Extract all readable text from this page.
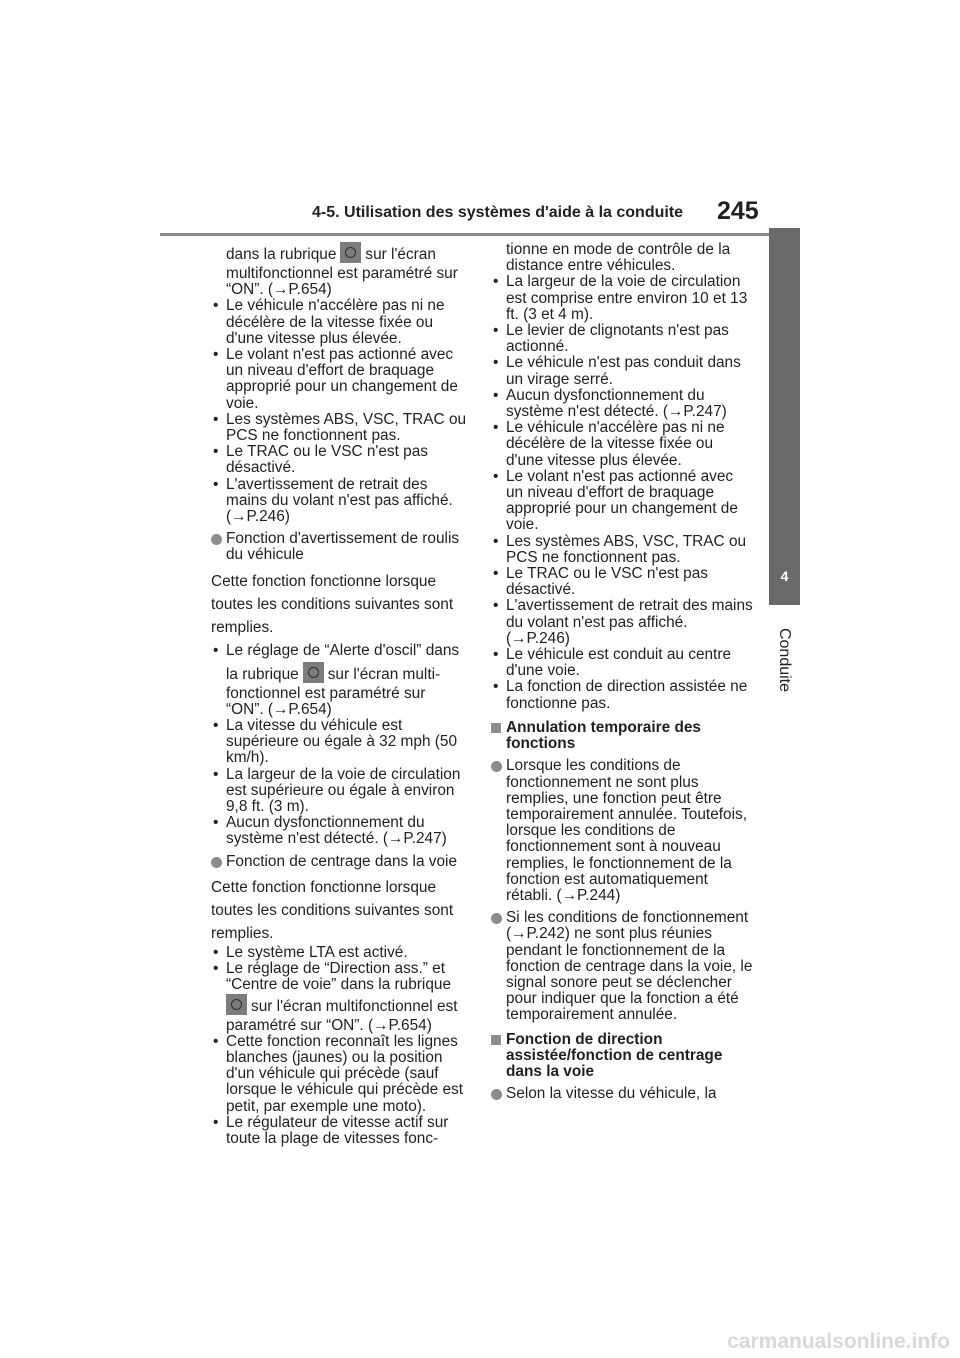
4-5. Utilisation des systèmes d'aide à la conduite 245
4
Conduite
dans la rubrique sur l'écran
multifonctionnel est paramétré sur
“ON”. (→P.654)
• Le véhicule n'accélère pas ni ne décélère de la vitesse fixée ou d'une vitesse plus élevée.
• Le volant n'est pas actionné avec un niveau d'effort de braquage approprié pour un changement de voie.
• Les systèmes ABS, VSC, TRAC ou PCS ne fonctionnent pas.
• Le TRAC ou le VSC n'est pas désactivé.
• L'avertissement de retrait des mains du volant n'est pas affiché. (→P.246)
Fonction d'avertissement de roulis du véhicule
Cette fonction fonctionne lorsque toutes les conditions suivantes sont remplies.
• Le réglage de “Alerte d'oscil” dans
la rubrique sur l'écran multi-
fonctionnel est paramétré sur “ON”. (→P.654)
• La vitesse du véhicule est supérieure ou égale à 32 mph (50 km/h).
• La largeur de la voie de circulation est supérieure ou égale à environ 9,8 ft. (3 m).
• Aucun dysfonctionnement du système n'est détecté. (→P.247)
Fonction de centrage dans la voie
Cette fonction fonctionne lorsque toutes les conditions suivantes sont remplies.
• Le système LTA est activé.
• Le réglage de “Direction ass.” et “Centre de voie” dans la rubrique
sur l'écran multifonctionnel est
paramétré sur “ON”. (→P.654)
• Cette fonction reconnaît les lignes blanches (jaunes) ou la position d'un véhicule qui précède (sauf lorsque le véhicule qui précède est petit, par exemple une moto).
• Le régulateur de vitesse actif sur toute la plage de vitesses fonc-
tionne en mode de contrôle de la distance entre véhicules.
• La largeur de la voie de circulation est comprise entre environ 10 et 13 ft. (3 et 4 m).
• Le levier de clignotants n'est pas actionné.
• Le véhicule n'est pas conduit dans un virage serré.
• Aucun dysfonctionnement du système n'est détecté. (→P.247)
• Le véhicule n'accélère pas ni ne décélère de la vitesse fixée ou d'une vitesse plus élevée.
• Le volant n'est pas actionné avec un niveau d'effort de braquage approprié pour un changement de voie.
• Les systèmes ABS, VSC, TRAC ou PCS ne fonctionnent pas.
• Le TRAC ou le VSC n'est pas désactivé.
• L'avertissement de retrait des mains du volant n'est pas affiché. (→P.246)
• Le véhicule est conduit au centre d'une voie.
• La fonction de direction assistée ne fonctionne pas.
Annulation temporaire des fonctions
Lorsque les conditions de fonctionnement ne sont plus remplies, une fonction peut être temporairement annulée. Toutefois, lorsque les conditions de fonctionnement sont à nouveau remplies, le fonctionnement de la fonction est automatiquement rétabli. (→P.244)
Si les conditions de fonctionnement (→P.242) ne sont plus réunies pendant le fonctionnement de la fonction de centrage dans la voie, le signal sonore peut se déclencher pour indiquer que la fonction a été temporairement annulée.
Fonction de direction assistée/fonction de centrage dans la voie
Selon la vitesse du véhicule, la
carmanualsonline.info
